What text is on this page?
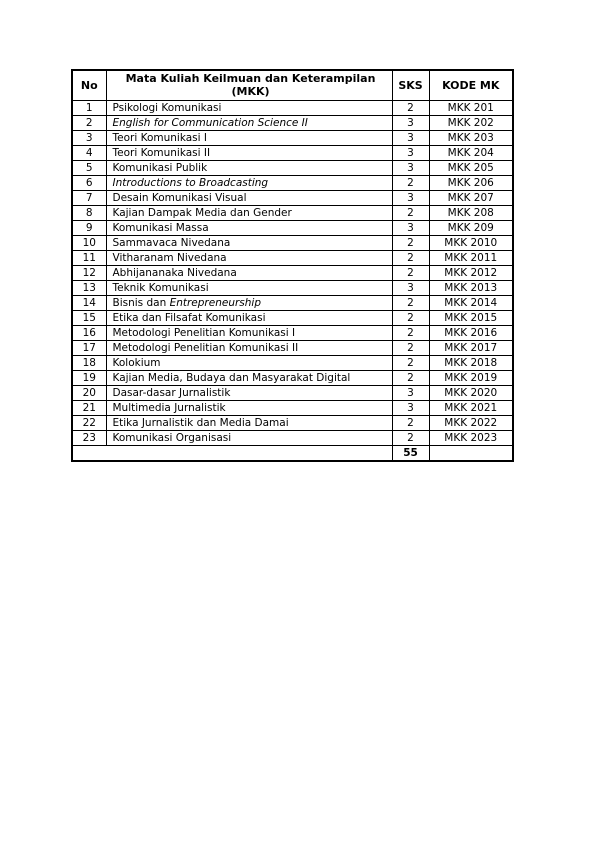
No	Mata Kuliah Keilmuan dan Keterampilan (MKK)	SKS	KODE MK
1	Psikologi Komunikasi	2	MKK 201
2	English for Communication Science II	3	MKK 202
3	Teori Komunikasi I	3	MKK 203
4	Teori Komunikasi II	3	MKK 204
5	Komunikasi Publik	3	MKK 205
6	Introductions to Broadcasting	2	MKK 206
7	Desain Komunikasi Visual	3	MKK 207
8	Kajian Dampak Media dan Gender	2	MKK 208
9	Komunikasi Massa	3	MKK 209
10	Sammavaca Nivedana	2	MKK 2010
11	Vitharanam Nivedana	2	MKK 2011
12	Abhijananaka Nivedana	2	MKK 2012
13	Teknik Komunikasi	3	MKK 2013
14	Bisnis dan Entrepreneurship	2	MKK 2014
15	Etika dan Filsafat Komunikasi	2	MKK 2015
16	Metodologi Penelitian Komunikasi I	2	MKK 2016
17	Metodologi Penelitian Komunikasi II	2	MKK 2017
18	Kolokium	2	MKK 2018
19	Kajian Media, Budaya dan Masyarakat Digital	2	MKK 2019
20	Dasar-dasar Jurnalistik	3	MKK 2020
21	Multimedia Jurnalistik	3	MKK 2021
22	Etika Jurnalistik dan Media Damai	2	MKK 2022
23	Komunikasi Organisasi	2	MKK 2023
		55	
